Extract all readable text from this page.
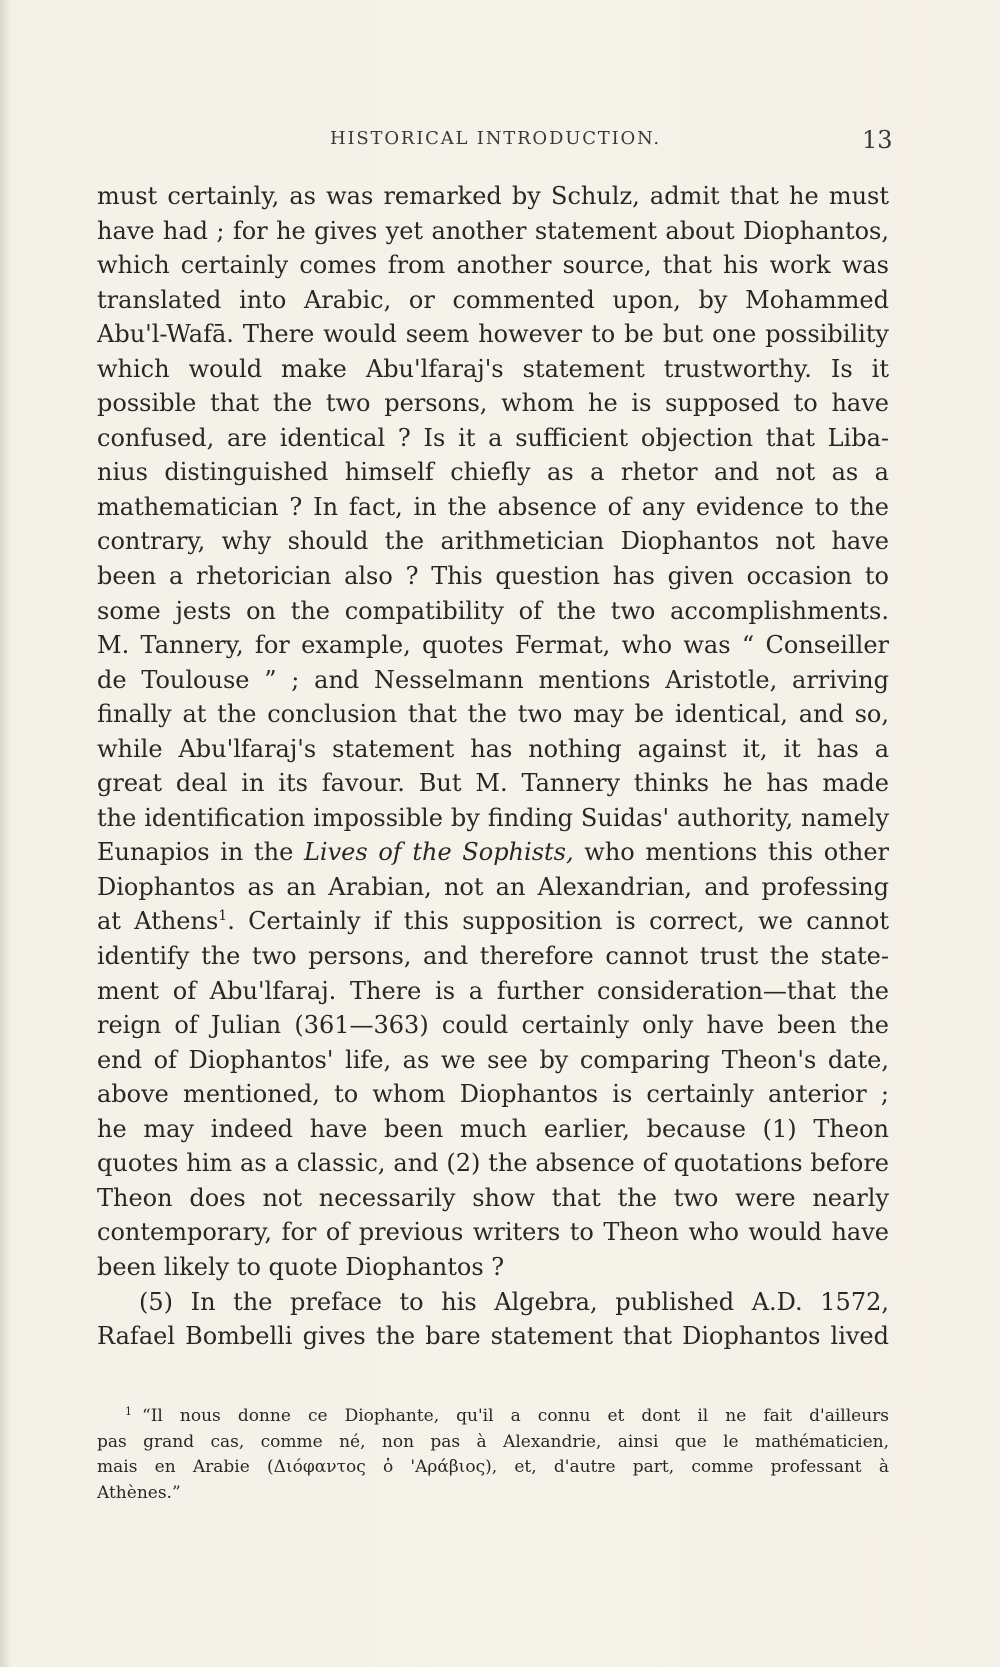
HISTORICAL INTRODUCTION.	13
must certainly, as was remarked by Schulz, admit that he must
have had ; for he gives yet another statement about Diophantos,
which certainly comes from another source, that his work was
translated into Arabic, or commented upon, by Mohammed
Abu'l-Wafā. There would seem however to be but one possibility
which would make Abu'lfaraj's statement trustworthy. Is it
possible that the two persons, whom he is supposed to have
confused, are identical ? Is it a sufficient objection that Liba-
nius distinguished himself chiefly as a rhetor and not as a
mathematician ? In fact, in the absence of any evidence to the
contrary, why should the arithmetician Diophantos not have
been a rhetorician also ? This question has given occasion to
some jests on the compatibility of the two accomplishments.
M. Tannery, for example, quotes Fermat, who was “ Conseiller
de Toulouse ” ; and Nesselmann mentions Aristotle, arriving
finally at the conclusion that the two may be identical, and so,
while Abu'lfaraj's statement has nothing against it, it has a
great deal in its favour. But M. Tannery thinks he has made
the identification impossible by finding Suidas' authority, namely
Eunapios in the Lives of the Sophists, who mentions this other
Diophantos as an Arabian, not an Alexandrian, and professing
at Athens$^1$. Certainly if this supposition is correct, we cannot
identify the two persons, and therefore cannot trust the state-
ment of Abu'lfaraj. There is a further consideration—that the
reign of Julian (361—363) could certainly only have been the
end of Diophantos' life, as we see by comparing Theon's date,
above mentioned, to whom Diophantos is certainly anterior ;
he may indeed have been much earlier, because (1) Theon
quotes him as a classic, and (2) the absence of quotations before
Theon does not necessarily show that the two were nearly
contemporary, for of previous writers to Theon who would have
been likely to quote Diophantos ?
(5) In the preface to his Algebra, published A.D. 1572,
Rafael Bombelli gives the bare statement that Diophantos lived
$^1$ “Il nous donne ce Diophante, qu'il a connu et dont il ne fait d'ailleurs
pas grand cas, comme né, non pas à Alexandrie, ainsi que le mathématicien,
mais en Arabie (Διόφαντος ὁ 'Αράβιος), et, d'autre part, comme professant à
Athènes.”
